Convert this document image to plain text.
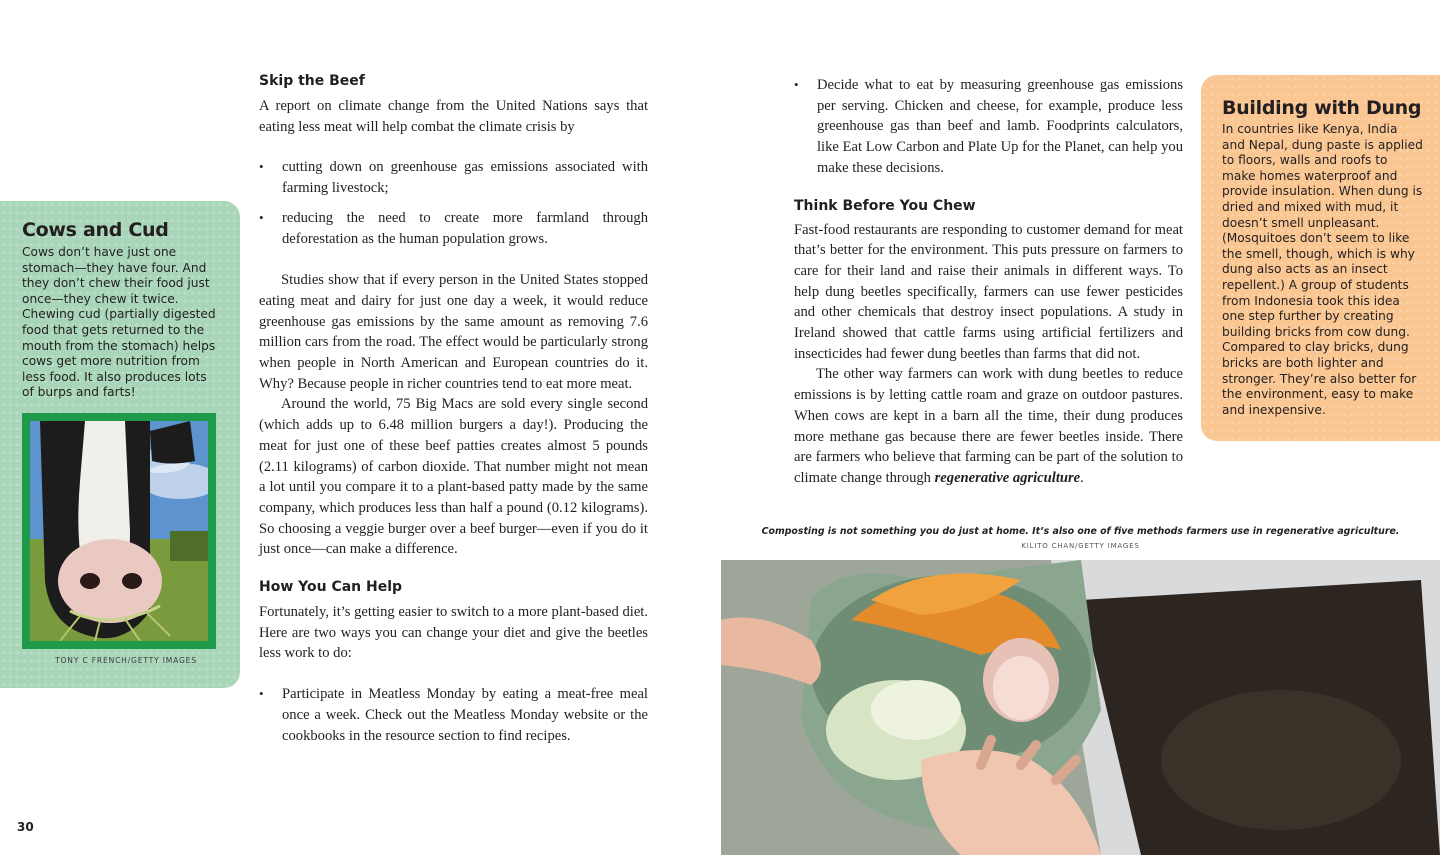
Cows and Cud
Cows don’t have just one stomach—they have four. And they don’t chew their food just once—they chew it twice. Chewing cud (partially digested food that gets returned to the mouth from the stomach) helps cows get more nutrition from less food. It also produces lots of burps and farts!
TONY C FRENCH/GETTY IMAGES
Skip the Beef

A report on climate change from the United Nations says that eating less meat will help combat the climate crisis by

• cutting down on greenhouse gas emissions associated with farming livestock;
• reducing the need to create more farmland through deforestation as the human population grows.

Studies show that if every person in the United States stopped eating meat and dairy for just one day a week, it would reduce greenhouse gas emissions by the same amount as removing 7.6 million cars from the road. The effect would be particularly strong when people in North American and European countries do it. Why? Because people in richer countries tend to eat more meat.

Around the world, 75 Big Macs are sold every single second (which adds up to 6.48 million burgers a day!). Producing the meat for just one of these beef patties creates almost 5 pounds (2.11 kilograms) of carbon dioxide. That number might not mean a lot until you compare it to a plant-based patty made by the same company, which produces less than half a pound (0.12 kilograms). So choosing a veggie burger over a beef burger—even if you do it just once—can make a difference.

How You Can Help

Fortunately, it’s getting easier to switch to a more plant-based diet. Here are two ways you can change your diet and give the beetles less work to do:

• Participate in Meatless Monday by eating a meat-free meal once a week. Check out the Meatless Monday website or the cookbooks in the resource section to find recipes.
30
• Decide what to eat by measuring greenhouse gas emissions per serving. Chicken and cheese, for example, produce less greenhouse gas than beef and lamb. Foodprints calculators, like Eat Low Carbon and Plate Up for the Planet, can help you make these decisions.
Think Before You Chew

Fast-food restaurants are responding to customer demand for meat that’s better for the environment. This puts pressure on farmers to care for their land and raise their animals in different ways. To help dung beetles specifically, farmers can use fewer pesticides and other chemicals that destroy insect populations. A study in Ireland showed that cattle farms using artificial fertilizers and insecticides had fewer dung beetles than farms that did not.

The other way farmers can work with dung beetles to reduce emissions is by letting cattle roam and graze on outdoor pastures. When cows are kept in a barn all the time, their dung produces more methane gas because there are fewer beetles inside. There are farmers who believe that farming can be part of the solution to climate change through regenerative agriculture.

Building with Dung
In countries like Kenya, India and Nepal, dung paste is applied to floors, walls and roofs to make homes waterproof and provide insulation. When dung is dried and mixed with mud, it doesn’t smell unpleasant. (Mosquitoes don’t seem to like the smell, though, which is why dung also acts as an insect repellent.) A group of students from Indonesia took this idea one step further by creating building bricks from cow dung. Compared to clay bricks, dung bricks are both lighter and stronger. They’re also better for the environment, easy to make and inexpensive.
Composting is not something you do just at home. It’s also one of five methods farmers use in regenerative agriculture.
KILITO CHAN/GETTY IMAGES
